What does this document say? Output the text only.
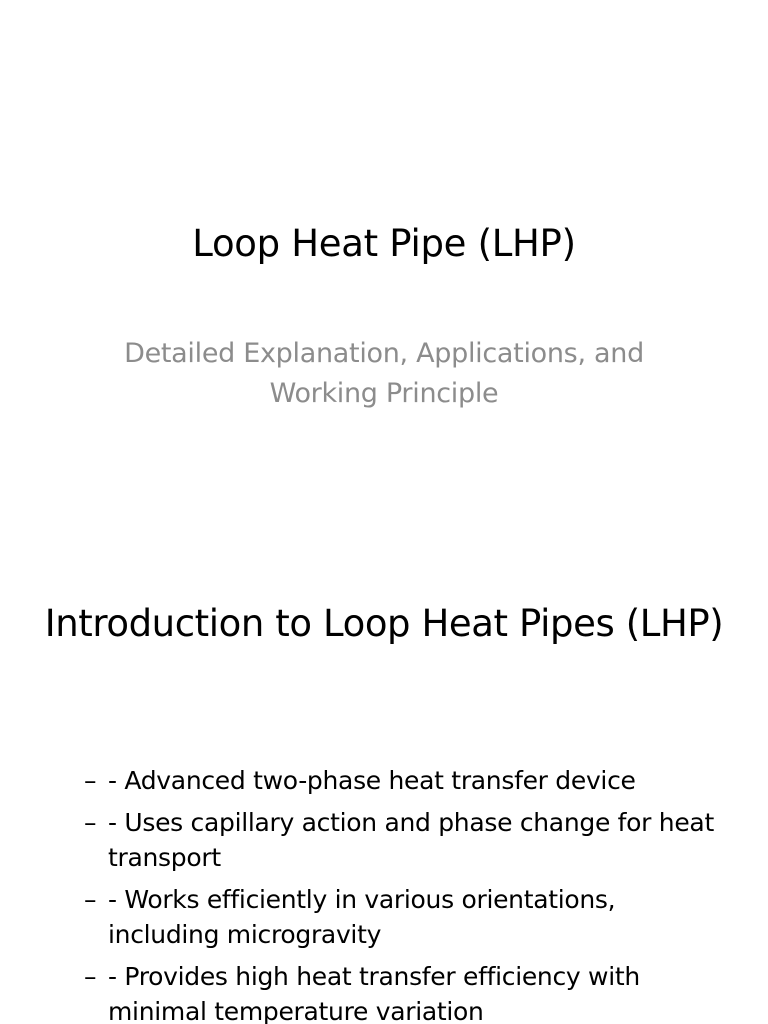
Loop Heat Pipe (LHP)

Detailed Explanation, Applications, and Working Principle

Introduction to Loop Heat Pipes (LHP)
– - Advanced two-phase heat transfer device
– - Uses capillary action and phase change for heat transport
– - Works efficiently in various orientations, including microgravity
– - Provides high heat transfer efficiency with minimal temperature variation
